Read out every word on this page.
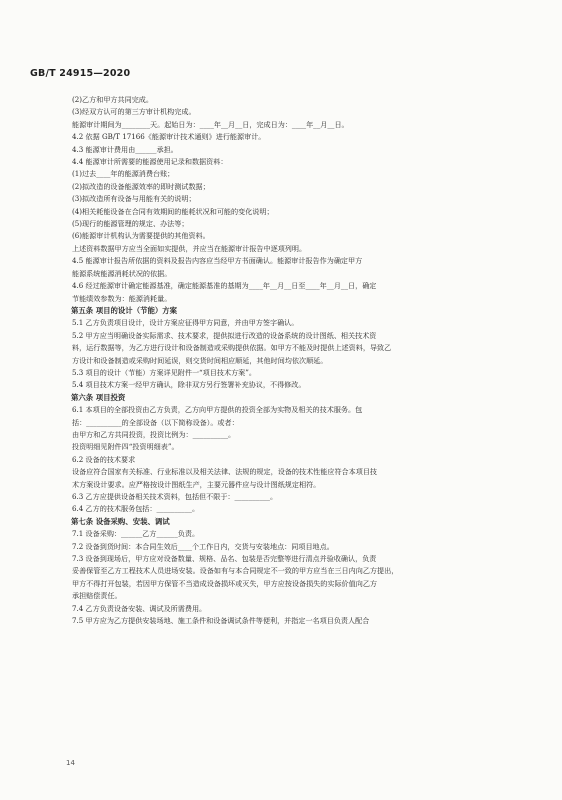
GB/T 24915—2020
(2)乙方和甲方共同完成。
(3)经双方认可的第三方审计机构完成。
能源审计期间为________天。起始日为：____年__月__日，完成日为：____年__月__日。
4.2 依据 GB/T 17166《能源审计技术通则》进行能源审计。
4.3 能源审计费用由______承担。
4.4 能源审计所需要的能源使用记录和数据资料：
(1)过去____年的能源消费台账；
(2)拟改造的设备能源效率的即时测试数据；
(3)拟改造所有设备与用能有关的说明；
(4)相关耗能设备在合同有效期间的能耗状况和可能的变化说明；
(5)现行的能源管理的规定、办法等；
(6)能源审计机构认为需要提供的其他资料。
上述资料数据甲方应当全面如实提供，并应当在能源审计报告中逐项列明。
4.5 能源审计报告所依据的资料及报告内容应当经甲方书面确认。能源审计报告作为确定甲方
能源系统能源消耗状况的依据。
4.6 经过能源审计确定能源基准，确定能源基准的基期为____年__月__日至____年__月__日，确定
节能绩效参数为：能源消耗量。
第五条 项目的设计（节能）方案
5.1 乙方负责项目设计，设计方案应征得甲方同意，并由甲方签字确认。
5.2 甲方应当明确设备实际需求、技术要求，提供拟进行改造的设备系统的设计图纸、相关技术资
料，运行数据等，为乙方进行设计和设备制造或采购提供依据。如甲方不能及时提供上述资料，导致乙
方设计和设备制造或采购时间延误，则交货时间相应顺延，其他时间均依次顺延。
5.3 项目的设计（节能）方案详见附件一“项目技术方案”。
5.4 项目技术方案一经甲方确认，除非双方另行签署补充协议，不得修改。
第六条 项目投资
6.1 本项目的全部投资由乙方负责，乙方向甲方提供的投资全部为实物及相关的技术服务。包
括：__________的全部设备（以下简称设备）。或者：
由甲方和乙方共同投资，投资比例为：__________。
投资明细见附件四“投资明细表”。
6.2 设备的技术要求
设备应符合国家有关标准、行业标准以及相关法律、法规的规定，设备的技术性能应符合本项目技
术方案设计要求。应严格按设计图纸生产，主要元器件应与设计图纸规定相符。
6.3 乙方应提供设备相关技术资料，包括但不限于：__________。
6.4 乙方的技术服务包括：__________。
第七条 设备采购、安装、调试
7.1 设备采购：______乙方______负责。
7.2 设备到货时间：本合同生效后____个工作日内，交货与安装地点：同项目地点。
7.3 设备到现场后，甲方应对设备数量、规格、品名、包装是否完整等进行清点并验收确认，负责
妥善保管至乙方工程技术人员进场安装。设备如有与本合同规定不一致的甲方应当在三日内向乙方提出，
甲方不得打开包装，若因甲方保管不当造成设备损坏或灭失，甲方应按设备损失的实际价值向乙方
承担赔偿责任。
7.4 乙方负责设备安装、调试及所需费用。
7.5 甲方应为乙方提供安装场地、施工条件和设备调试条件等便利，并指定一名项目负责人配合
14
